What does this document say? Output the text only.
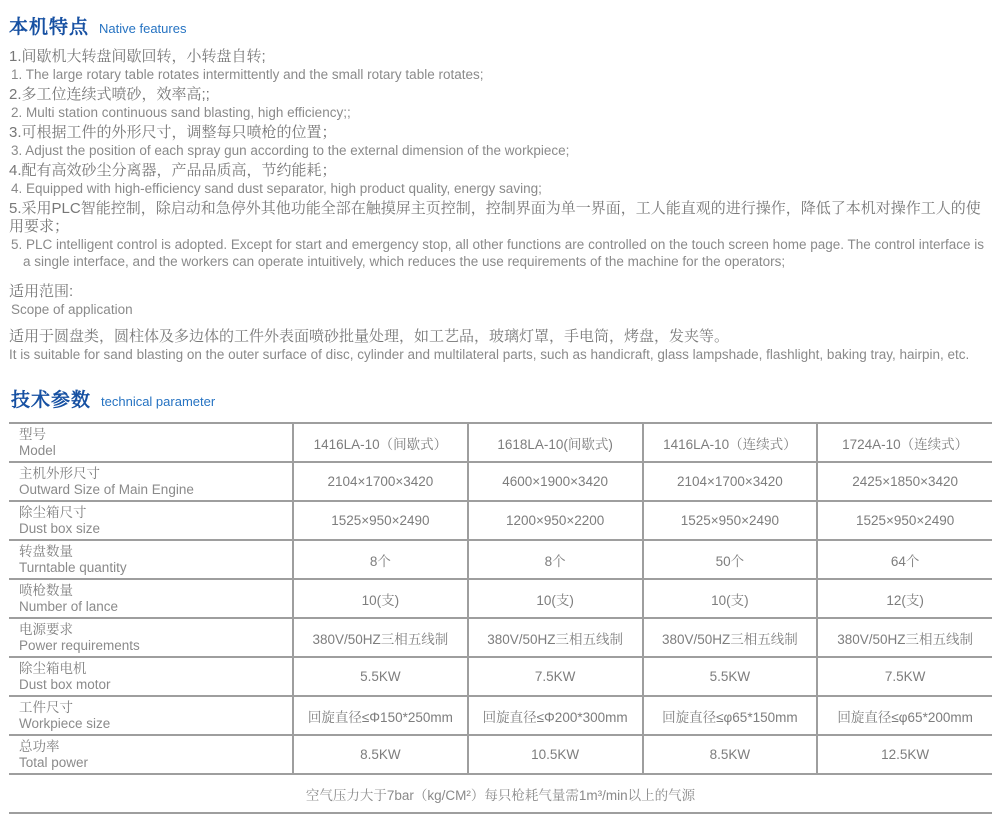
本机特点 Native features
1.间歇机大转盘间歇回转，小转盘自转;
1. The large rotary table rotates intermittently and the small rotary table rotates;
2.多工位连续式喷砂，效率高;;
2. Multi station continuous sand blasting, high efficiency;;
3.可根据工件的外形尺寸，调整每只喷枪的位置；
3. Adjust the position of each spray gun according to the external dimension of the workpiece;
4.配有高效砂尘分离器，产品品质高，节约能耗；
4. Equipped with high-efficiency sand dust separator, high product quality, energy saving;
5.采用PLC智能控制，除启动和急停外其他功能全部在触摸屏主页控制，控制界面为单一界面，工人能直观的进行操作，降低了本机对操作工人的使用要求；
5. PLC intelligent control is adopted. Except for start and emergency stop, all other functions are controlled on the touch screen home page. The control interface is a single interface, and the workers can operate intuitively, which reduces the use requirements of the machine for the operators;
适用范围:
Scope of application
适用于圆盘类，圆柱体及多边体的工件外表面喷砂批量处理，如工艺品，玻璃灯罩，手电筒，烤盘，发夹等。
It is suitable for sand blasting on the outer surface of disc, cylinder and multilateral parts, such as handicraft, glass lampshade, flashlight, baking tray, hairpin, etc.
技术参数 technical parameter
型号
Model	1416LA-10（间歇式）	1618LA-10(间歇式)	1416LA-10（连续式）	1724A-10（连续式）

主机外形尺寸
Outward Size of Main Engine	2104×1700×3420	4600×1900×3420	2104×1700×3420	2425×1850×3420

除尘箱尺寸
Dust box size	1525×950×2490	1200×950×2200	1525×950×2490	1525×950×2490

转盘数量
Turntable quantity	8个	8个	50个	64个

喷枪数量
Number of lance	10(支)	10(支)	10(支)	12(支)

电源要求
Power requirements	380V/50HZ三相五线制	380V/50HZ三相五线制	380V/50HZ三相五线制	380V/50HZ三相五线制

除尘箱电机
Dust box motor	5.5KW	7.5KW	5.5KW	7.5KW

工件尺寸
Workpiece size	回旋直径≤Φ150*250mm	回旋直径≤Φ200*300mm	回旋直径≤φ65*150mm	回旋直径≤φ65*200mm

总功率
Total power	8.5KW	10.5KW	8.5KW	12.5KW
空气压力大于7bar（kg/CM²）每只枪耗气量需1m³/min以上的气源				
